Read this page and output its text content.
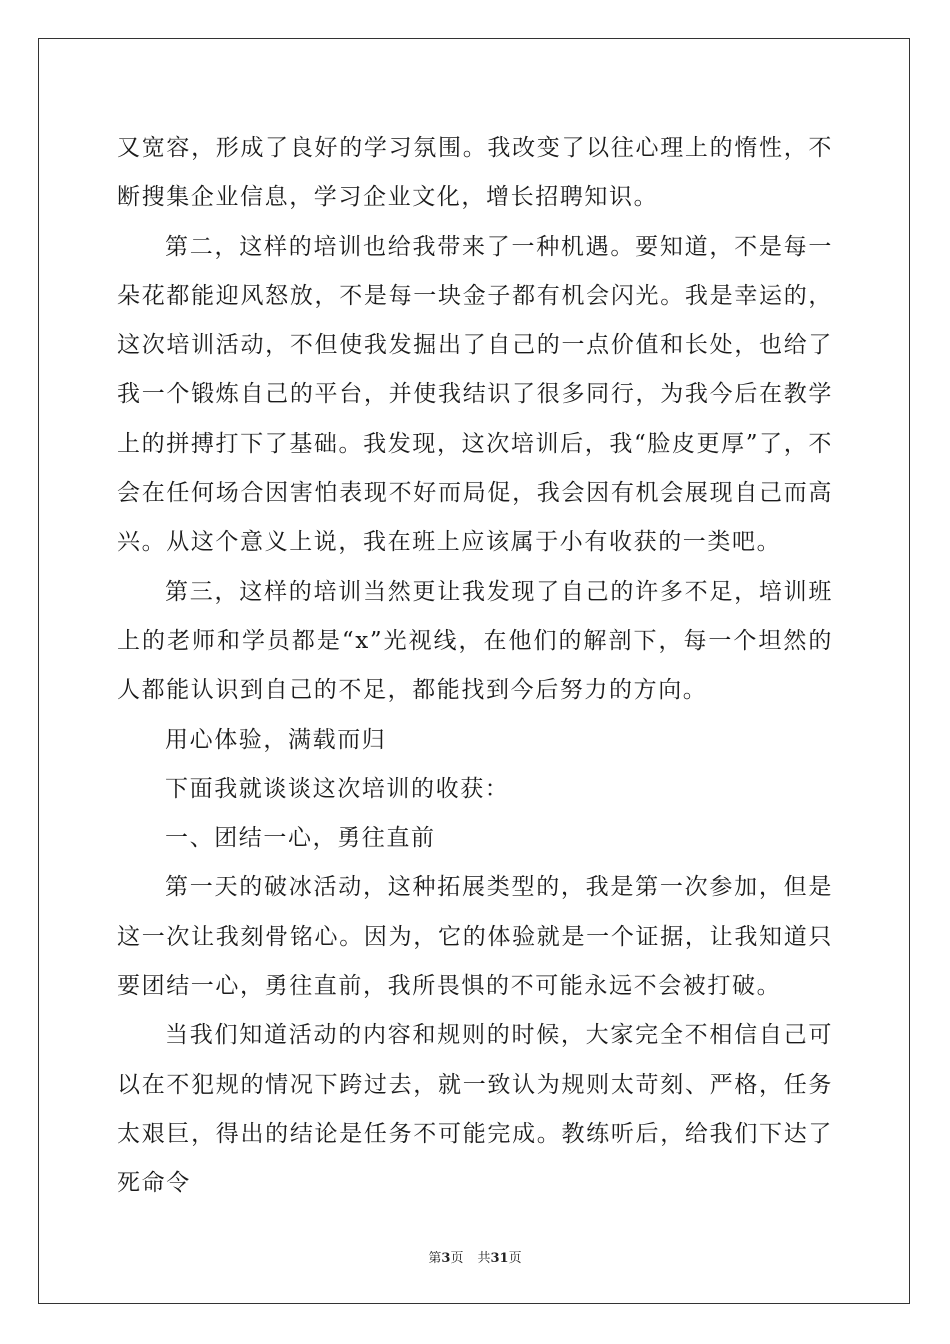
又宽容，形成了良好的学习氛围。我改变了以往心理上的惰性，不断搜集企业信息，学习企业文化，增长招聘知识。

第二，这样的培训也给我带来了一种机遇。要知道，不是每一朵花都能迎风怒放，不是每一块金子都有机会闪光。我是幸运的，这次培训活动，不但使我发掘出了自己的一点价值和长处，也给了我一个锻炼自己的平台，并使我结识了很多同行，为我今后在教学上的拼搏打下了基础。我发现，这次培训后，我“脸皮更厚”了，不会在任何场合因害怕表现不好而局促，我会因有机会展现自己而高兴。从这个意义上说，我在班上应该属于小有收获的一类吧。

第三，这样的培训当然更让我发现了自己的许多不足，培训班上的老师和学员都是“x”光视线，在他们的解剖下，每一个坦然的人都能认识到自己的不足，都能找到今后努力的方向。

用心体验，满载而归

下面我就谈谈这次培训的收获：

一、团结一心，勇往直前

第一天的破冰活动，这种拓展类型的，我是第一次参加，但是这一次让我刻骨铭心。因为，它的体验就是一个证据，让我知道只要团结一心，勇往直前，我所畏惧的不可能永远不会被打破。

当我们知道活动的内容和规则的时候，大家完全不相信自己可以在不犯规的情况下跨过去，就一致认为规则太苛刻、严格，任务太艰巨，得出的结论是任务不可能完成。教练听后，给我们下达了死命令

第3页 共31页
